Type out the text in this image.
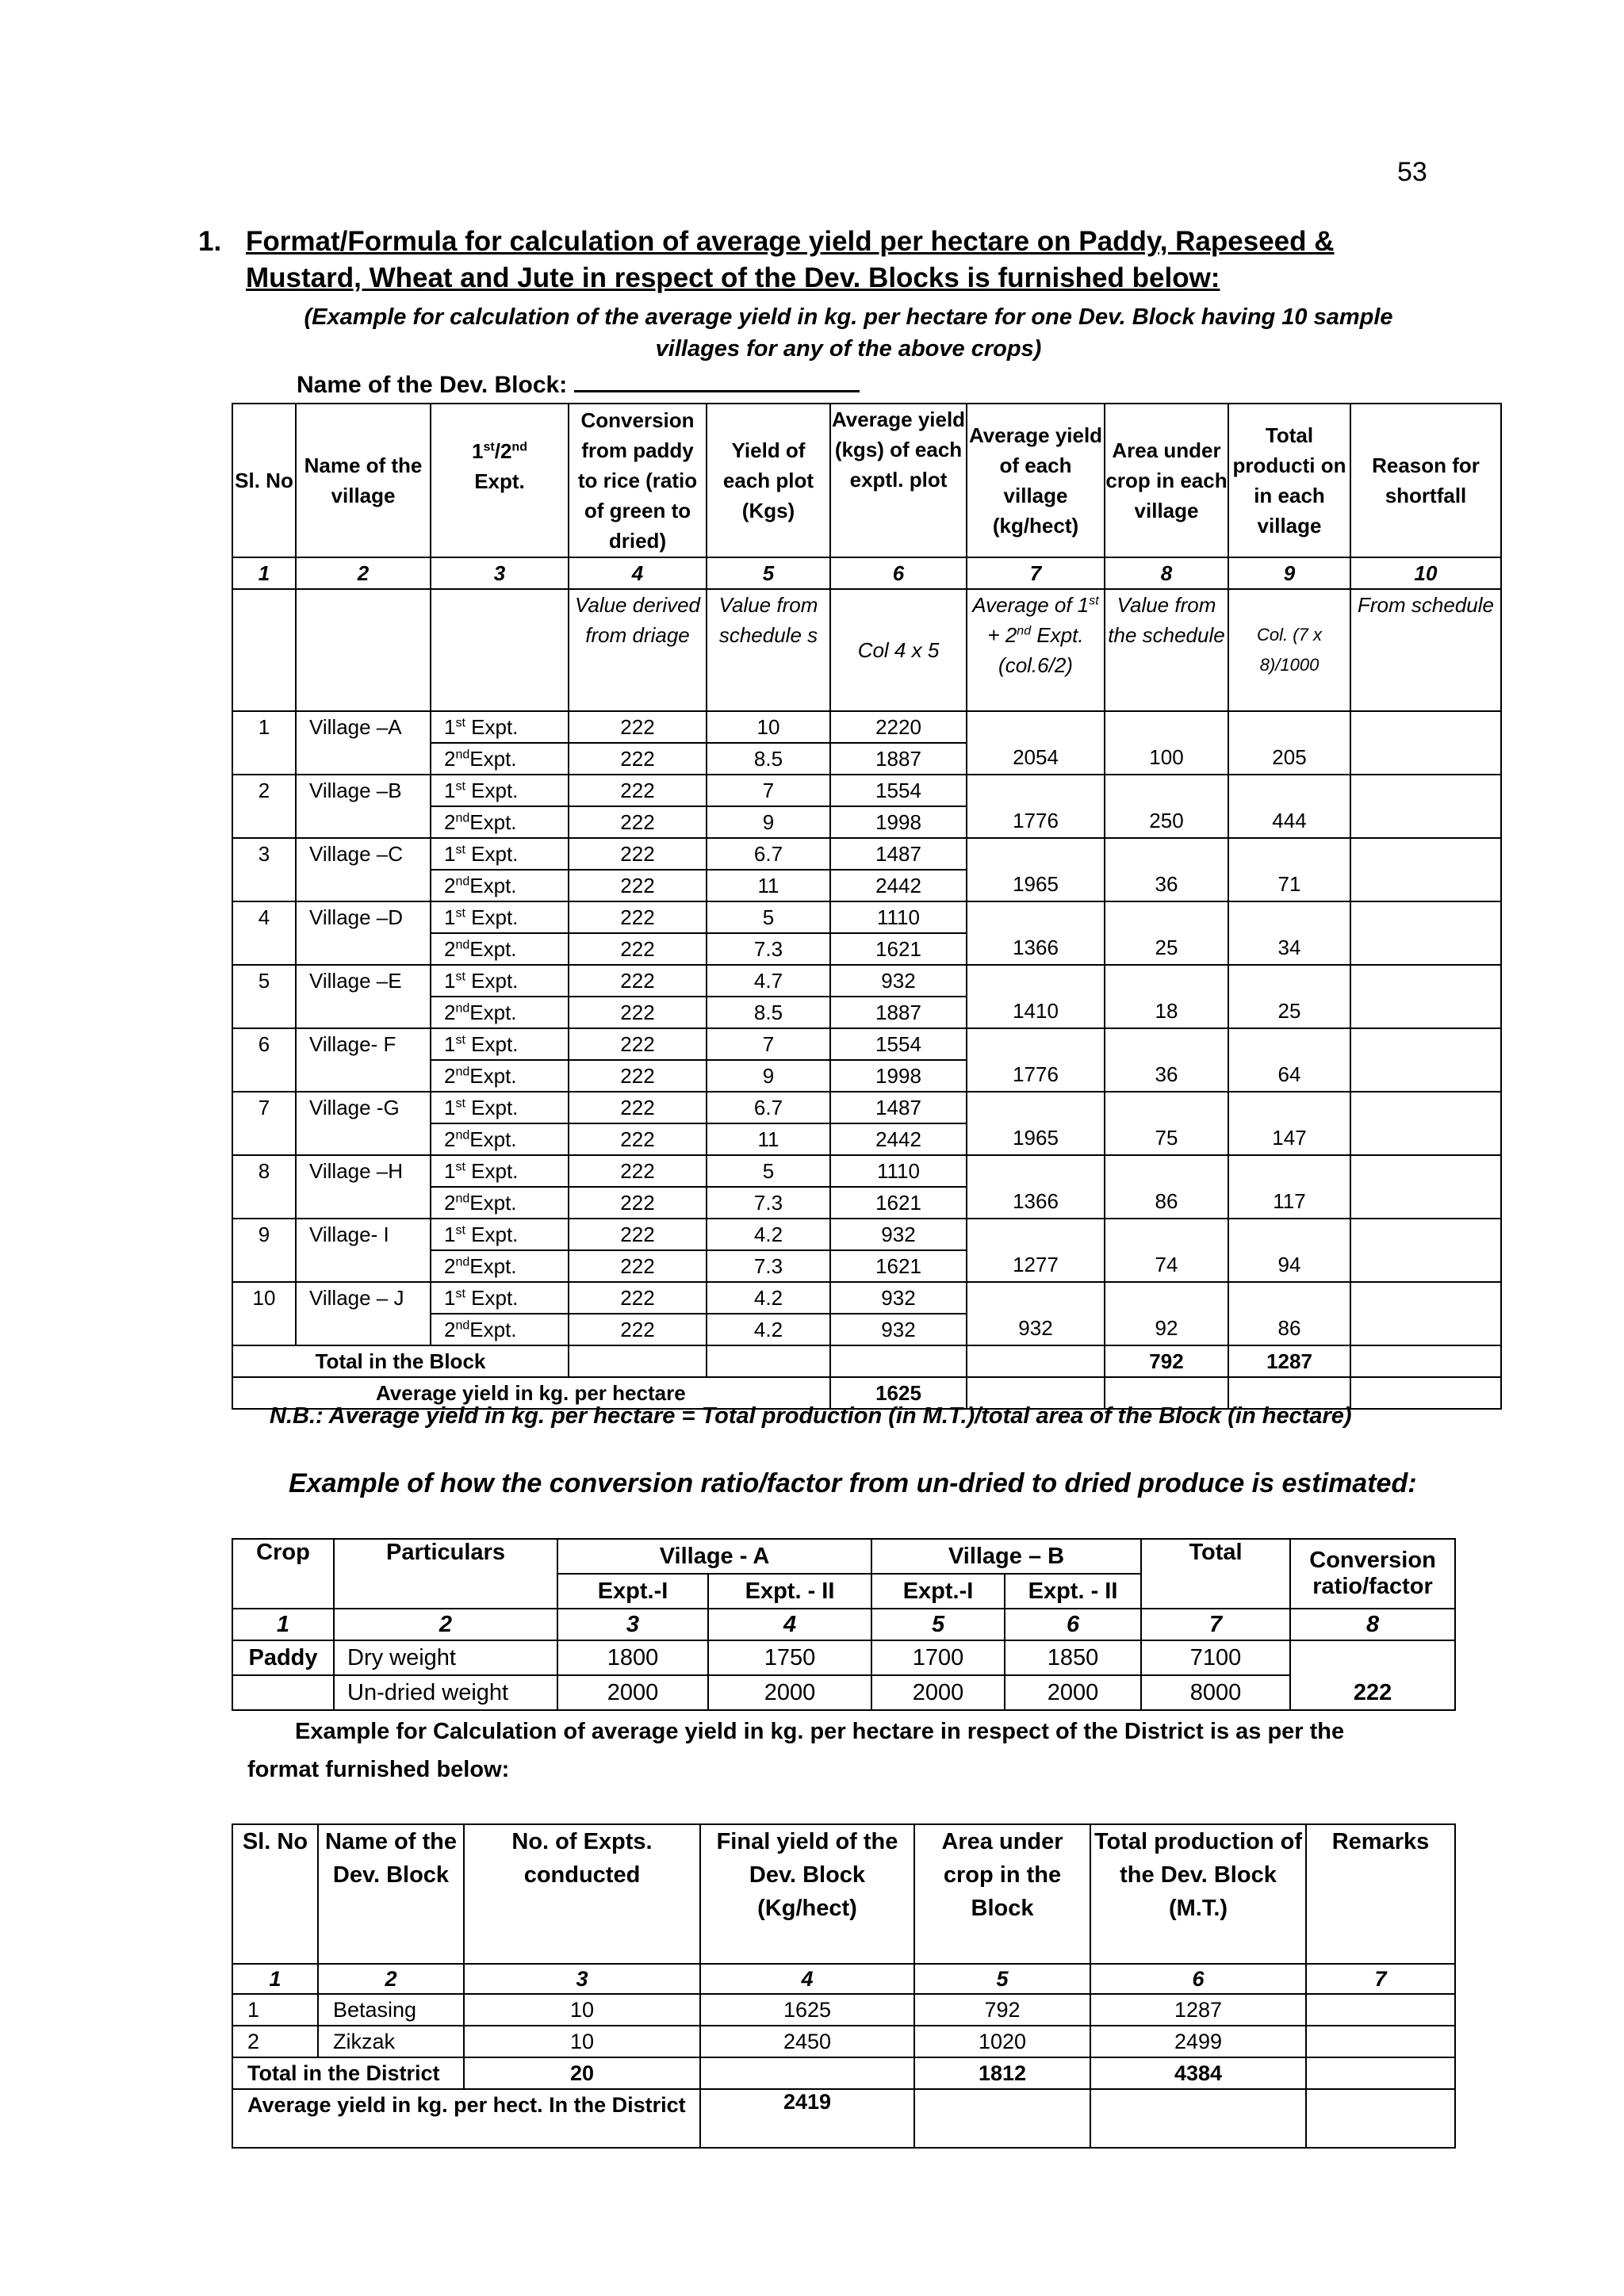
53
1. Format/Formula for calculation of average yield per hectare on Paddy, Rapeseed &
Mustard, Wheat and Jute in respect of the Dev. Blocks is furnished below:
(Example for calculation of the average yield in kg. per hectare for one Dev. Block having 10 sample
villages for any of the above crops)
Name of the Dev. Block:
Sl. No	Name of the village	1st/2nd
Expt.	Conversion from paddy to rice (ratio of green to dried)	Yield of each plot (Kgs)	Average yield (kgs) of each exptl. plot	Average yield of each village (kg/hect)	Area under crop in each village	Total producti on in each village	Reason for shortfall
1	2	3	4	5	6	7	8	9	10
			Value derived from driage	Value from schedule s	Col 4 x 5	Average of 1st + 2nd Expt. (col.6/2)	Value from the schedule	Col. (7 x 8)/1000	From schedule
1	Village –A	1st Expt.	222	10	2220	2054	100	205	
		2ndExpt.	222	8.5	1887				
2	Village –B	1st Expt.	222	7	1554	1776	250	444	
		2ndExpt.	222	9	1998				
3	Village –C	1st Expt.	222	6.7	1487	1965	36	71	
		2ndExpt.	222	11	2442				
4	Village –D	1st Expt.	222	5	1110	1366	25	34	
		2ndExpt.	222	7.3	1621				
5	Village –E	1st Expt.	222	4.7	932	1410	18	25	
		2ndExpt.	222	8.5	1887				
6	Village- F	1st Expt.	222	7	1554	1776	36	64	
		2ndExpt.	222	9	1998				
7	Village -G	1st Expt.	222	6.7	1487	1965	75	147	
		2ndExpt.	222	11	2442				
8	Village –H	1st Expt.	222	5	1110	1366	86	117	
		2ndExpt.	222	7.3	1621				
9	Village- I	1st Expt.	222	4.2	932	1277	74	94	
		2ndExpt.	222	7.3	1621				
10	Village – J	1st Expt.	222	4.2	932	932	92	86	
		2ndExpt.	222	4.2	932				
Total in the Block							792	1287	
Average yield in kg. per hectare					1625				
N.B.: Average yield in kg. per hectare = Total production (in M.T.)/total area of the Block (in hectare)
Example of how the conversion ratio/factor from un-dried to dried produce is estimated:
Crop	Particulars	Village - A		Village – B		Total	Conversion ratio/factor
		Expt.-I	Expt. - II	Expt.-I	Expt. - II		
1	2	3	4	5	6	7	8
Paddy	Dry weight	1800	1750	1700	1850	7100	222
	Un-dried weight	2000	2000	2000	2000	8000	
Example for Calculation of average yield in kg. per hectare in respect of the District is as per the
format furnished below:
Sl. No	Name of the Dev. Block	No. of Expts. conducted	Final yield of the Dev. Block (Kg/hect)	Area under crop in the Block	Total production of the Dev. Block (M.T.)	Remarks
1	2	3	4	5	6	7
1	Betasing	10	1625	792	1287	
2	Zikzak	10	2450	1020	2499	
Total in the District		20		1812	4384	
Average yield in kg. per hect. In the District			2419			
